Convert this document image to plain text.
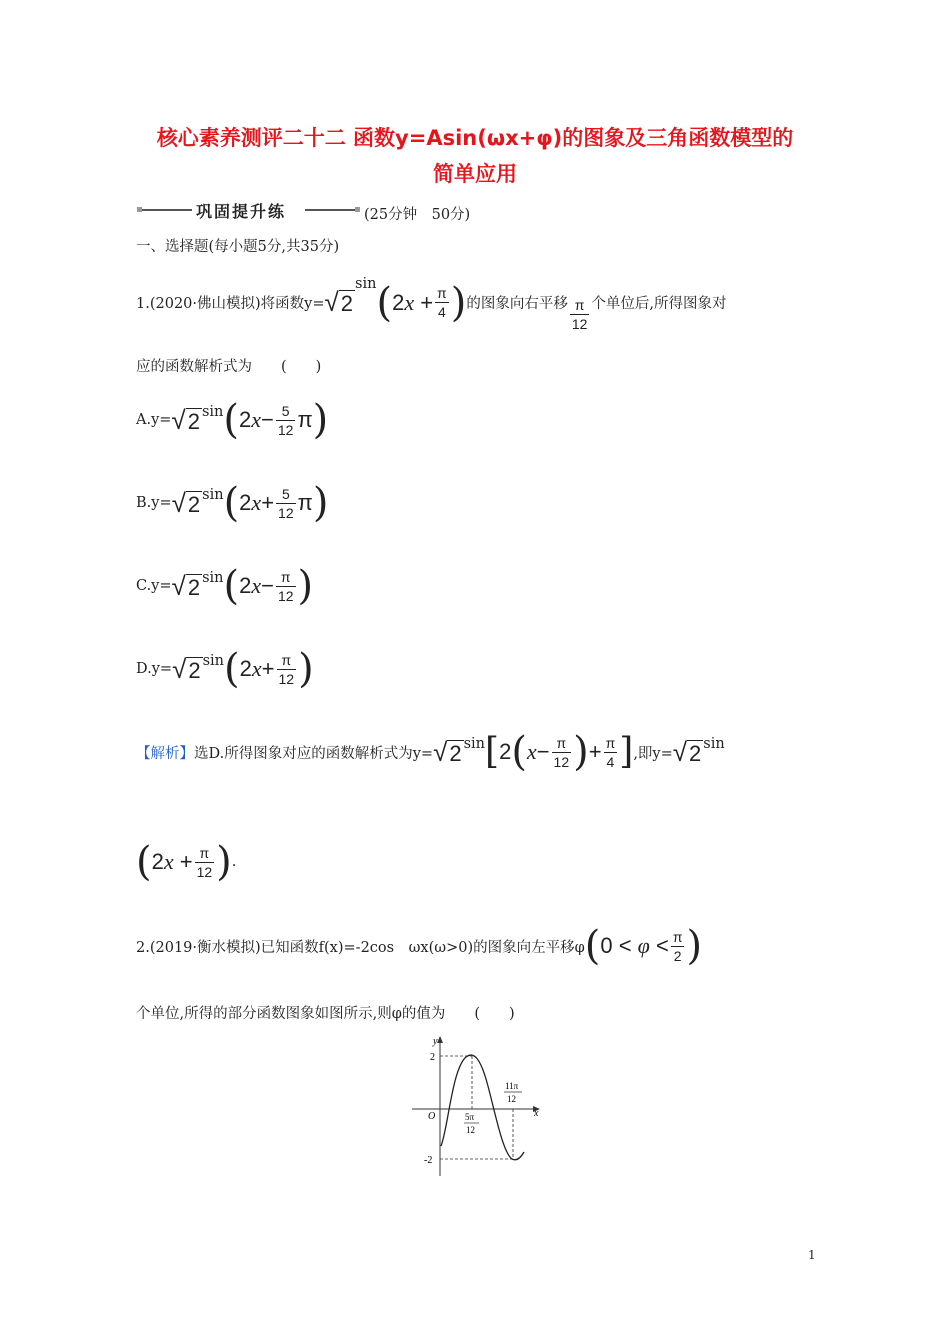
核心素养测评二十二 函数y=Asin(ωx+φ)的图象及三角函数模型的
简单应用
巩固提升练	(25分钟　50分)
一、选择题(每小题5分,共35分)
1.(2020·佛山模拟)将函数y= √2
sin ( $2x + \frac{\pi}{4}$ ) 的图象向右平移 $\frac{\pi}{12}$ 个单位后,所得图象对
应的函数解析式为　　(　　)
A.y= √2 sin ( $2x - \frac{5}{12}$ π )
B.y= √2 sin ( $2x + \frac{5}{12}$ π )
C.y= √2 sin ( $2x - \frac{\pi}{12}$ )
D.y= √2 sin ( $2x + \frac{\pi}{12}$ )
【解析】 选D.所得图象对应的函数解析式为y= √2 sin [ 2 ( $x - \frac{\pi}{12}$ ) + $\frac{\pi}{4}$ ] ,即y= √2 sin
( $2x + \frac{\pi}{12}$ ) .
2.(2019·衡水模拟)已知函数f(x)=-2cos　ωx(ω>0)的图象向左平移φ ( $0 < \varphi < \frac{\pi}{2}$ )
个单位,所得的部分函数图象如图所示,则φ的值为　　(　　)
y
x
O
2
-2
5π
12
11π
12
1
